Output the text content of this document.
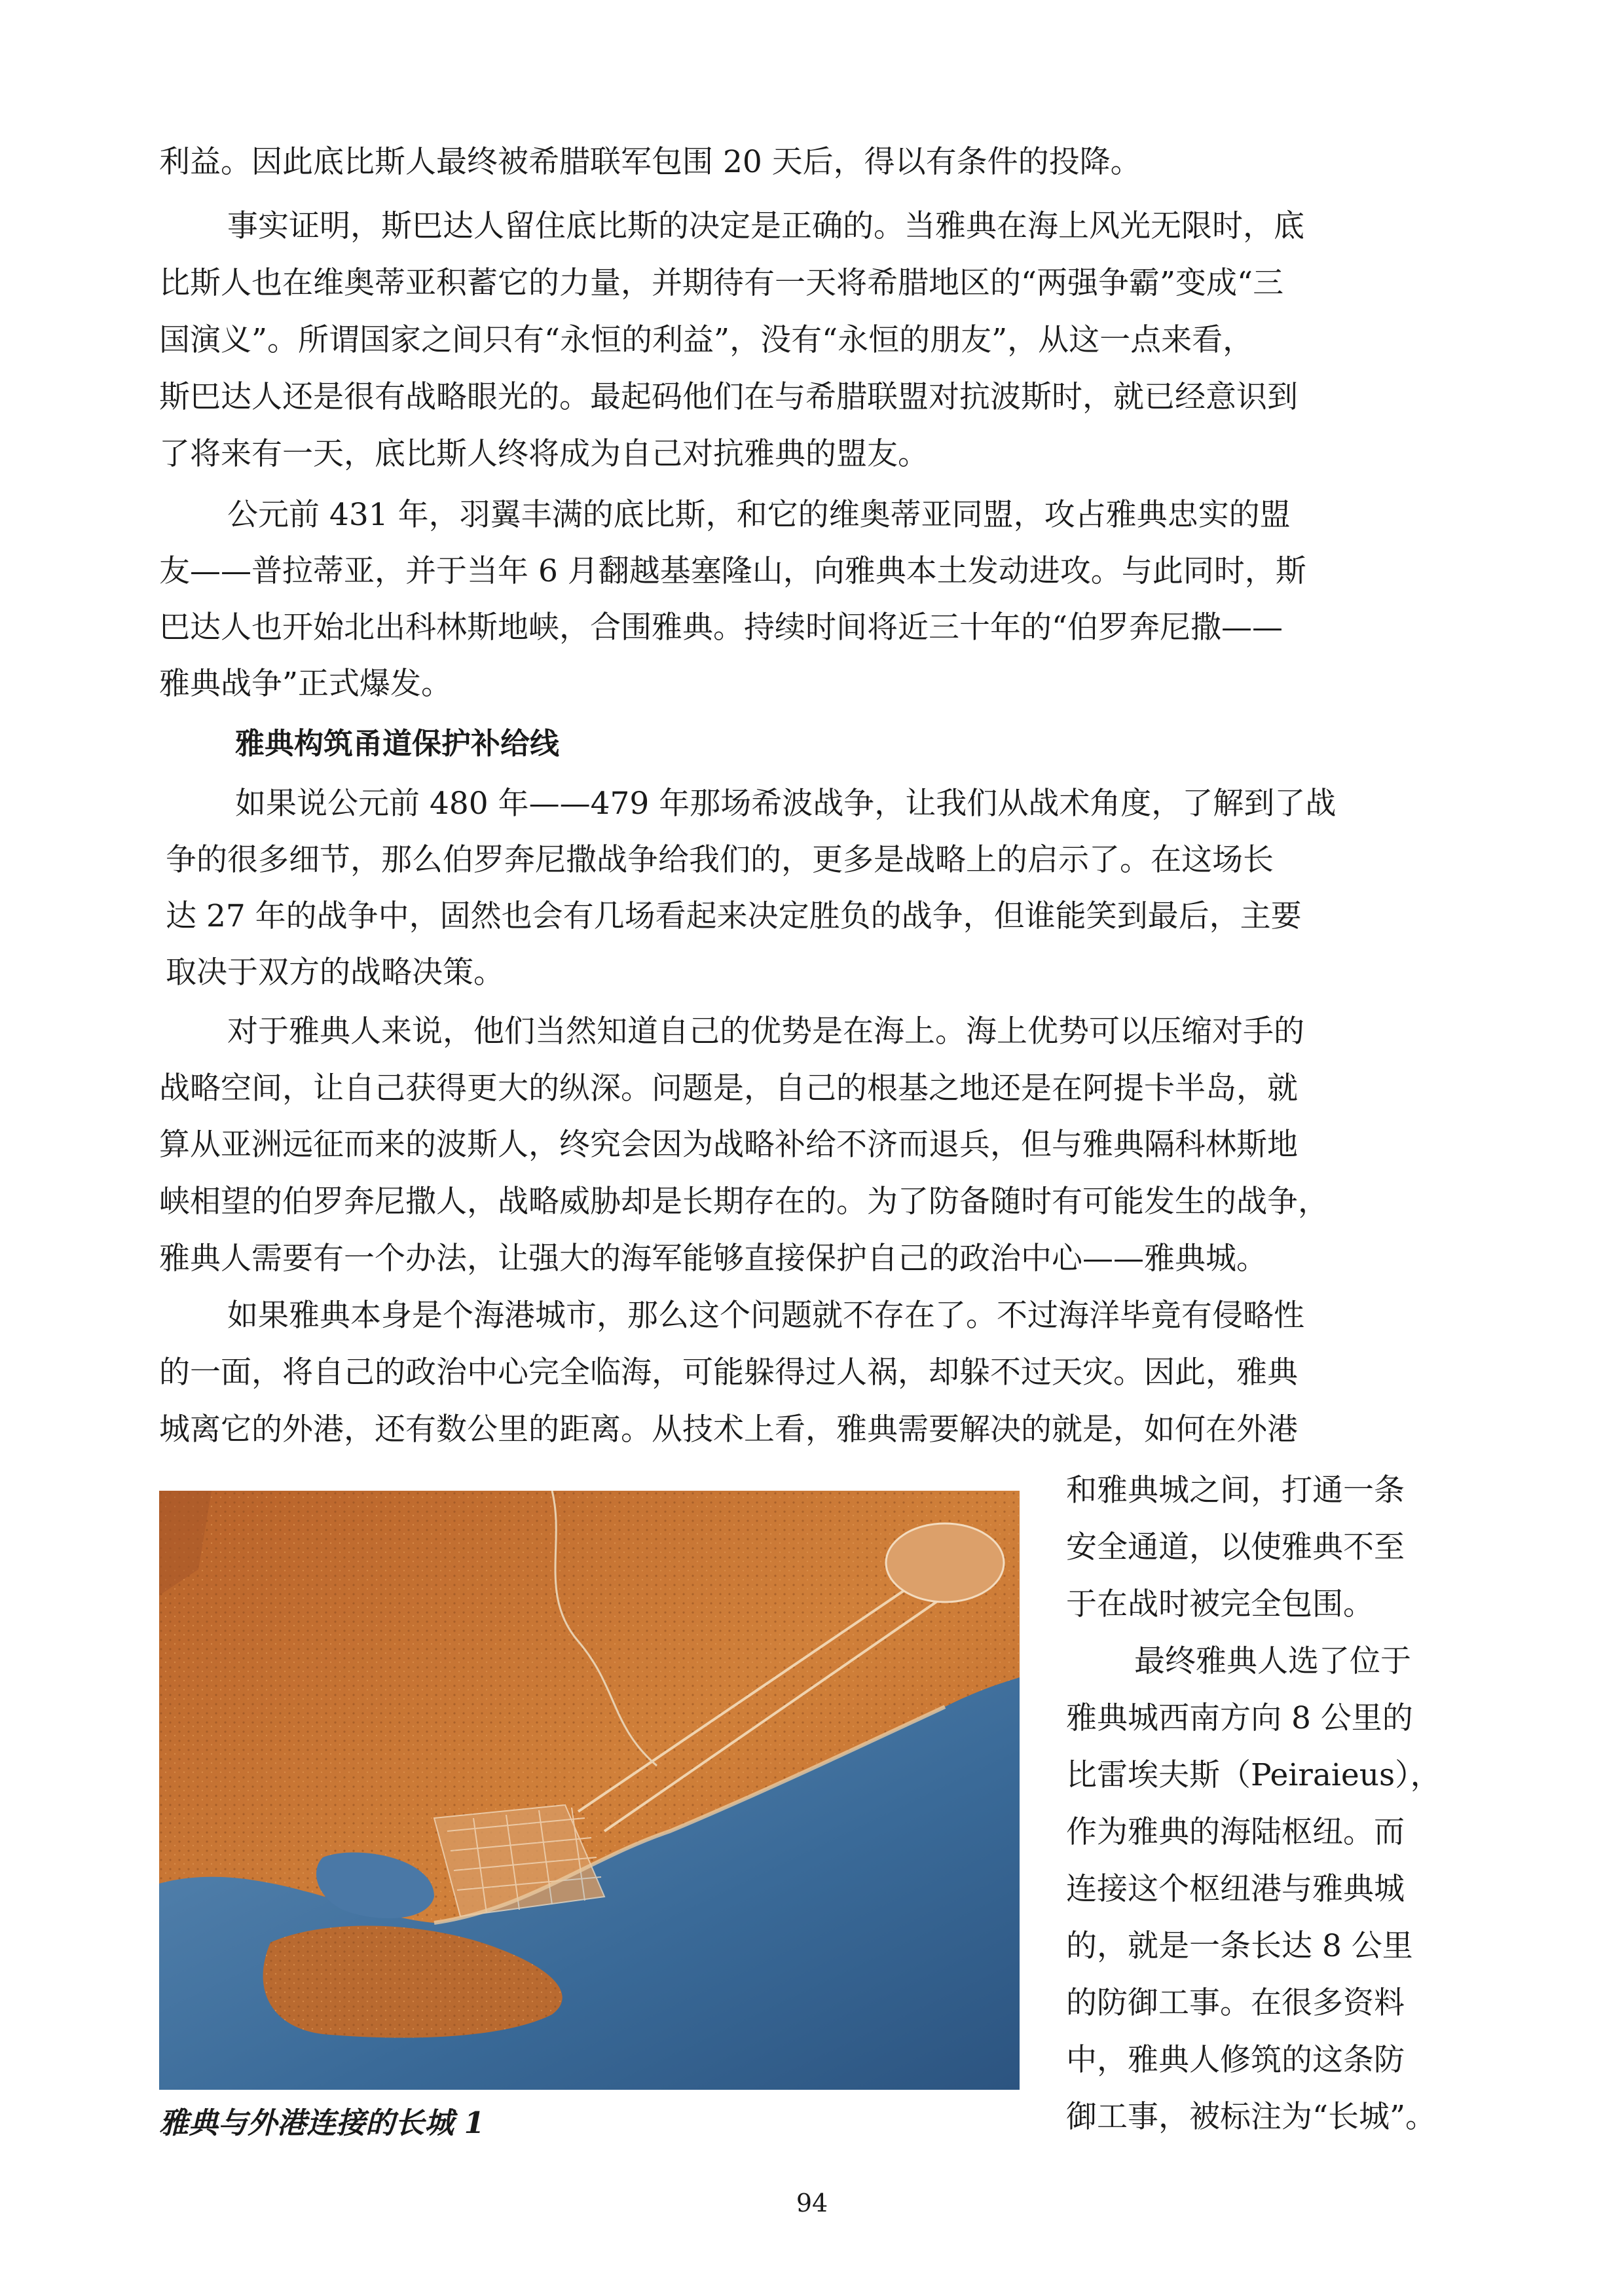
利益。因此底比斯人最终被希腊联军包围 20 天后，得以有条件的投降。

事实证明，斯巴达人留住底比斯的决定是正确的。当雅典在海上风光无限时，底

比斯人也在维奥蒂亚积蓄它的力量，并期待有一天将希腊地区的“两强争霸”变成“三

国演义”。所谓国家之间只有“永恒的利益”，没有“永恒的朋友”，从这一点来看，

斯巴达人还是很有战略眼光的。最起码他们在与希腊联盟对抗波斯时，就已经意识到

了将来有一天，底比斯人终将成为自己对抗雅典的盟友。

公元前 431 年，羽翼丰满的底比斯，和它的维奥蒂亚同盟，攻占雅典忠实的盟

友——普拉蒂亚，并于当年 6 月翻越基塞隆山，向雅典本土发动进攻。与此同时，斯

巴达人也开始北出科林斯地峡，合围雅典。持续时间将近三十年的“伯罗奔尼撒——

雅典战争”正式爆发。

雅典构筑甬道保护补给线

如果说公元前 480 年——479 年那场希波战争，让我们从战术角度，了解到了战

争的很多细节，那么伯罗奔尼撒战争给我们的，更多是战略上的启示了。在这场长

达 27 年的战争中，固然也会有几场看起来决定胜负的战争，但谁能笑到最后，主要

取决于双方的战略决策。

对于雅典人来说，他们当然知道自己的优势是在海上。海上优势可以压缩对手的

战略空间，让自己获得更大的纵深。问题是，自己的根基之地还是在阿提卡半岛，就

算从亚洲远征而来的波斯人，终究会因为战略补给不济而退兵，但与雅典隔科林斯地

峡相望的伯罗奔尼撒人，战略威胁却是长期存在的。为了防备随时有可能发生的战争，

雅典人需要有一个办法，让强大的海军能够直接保护自己的政治中心——雅典城。

如果雅典本身是个海港城市，那么这个问题就不存在了。不过海洋毕竟有侵略性

的一面，将自己的政治中心完全临海，可能躲得过人祸，却躲不过天灾。因此，雅典

城离它的外港，还有数公里的距离。从技术上看，雅典需要解决的就是，如何在外港

和雅典城之间，打通一条

安全通道，以使雅典不至

于在战时被完全包围。

最终雅典人选了位于

雅典城西南方向 8 公里的

比雷埃夫斯（Peiraieus），

作为雅典的海陆枢纽。而

连接这个枢纽港与雅典城

的，就是一条长达 8 公里

的防御工事。在很多资料

中，雅典人修筑的这条防

御工事，被标注为“长城”。

雅典与外港连接的长城 1

94
